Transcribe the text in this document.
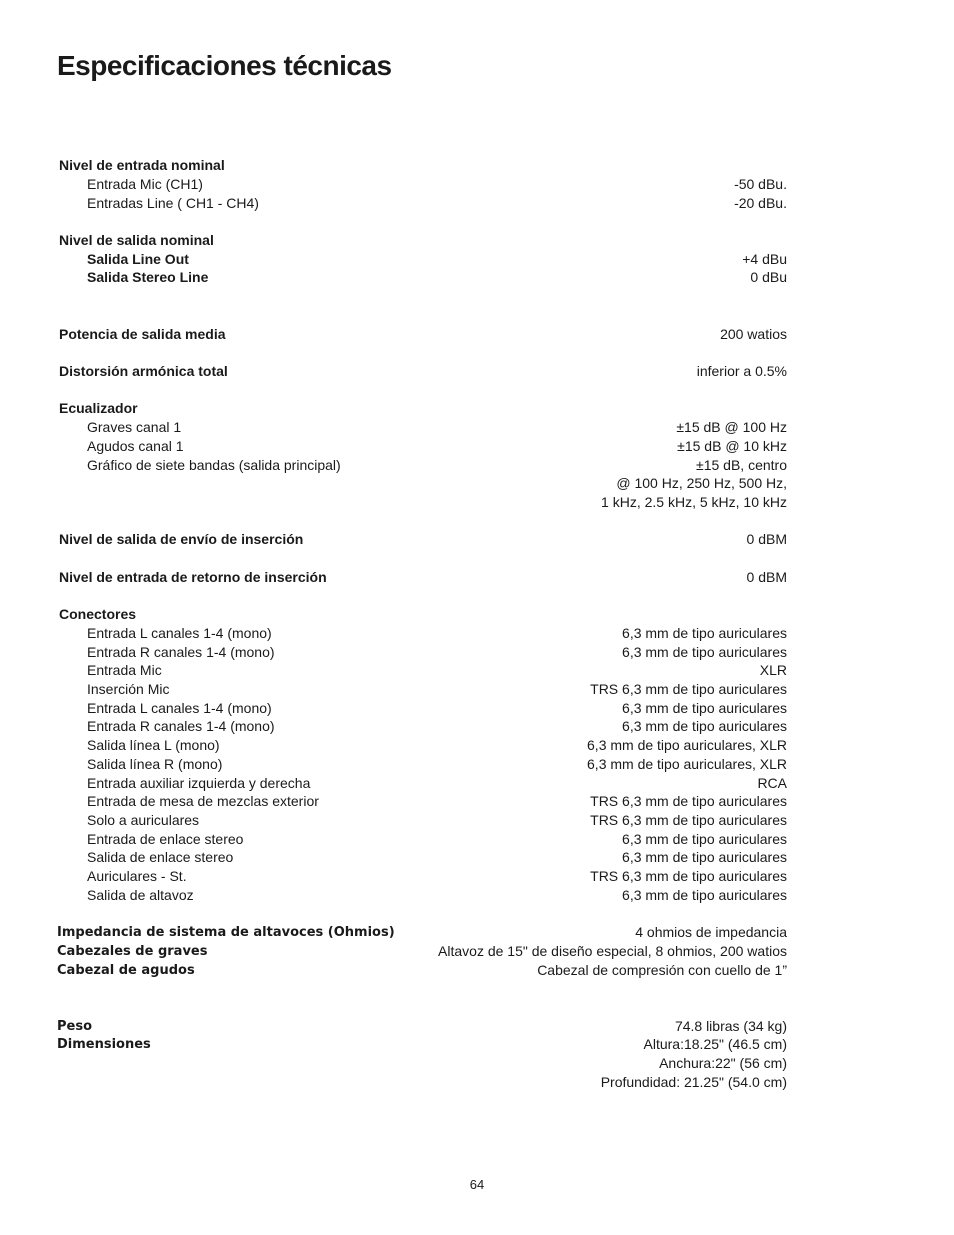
Especificaciones técnicas
Nivel de entrada nominal
Entrada Mic (CH1)	-50 dBu.
Entradas Line ( CH1 - CH4)	-20 dBu.
Nivel de salida nominal
Salida Line Out	+4 dBu
Salida Stereo Line	0 dBu
Potencia de salida media	200 watios
Distorsión armónica total	inferior a 0.5%
Ecualizador
Graves canal 1	±15 dB @ 100 Hz
Agudos canal 1	±15 dB @ 10 kHz
Gráfico de siete bandas (salida principal)	±15 dB, centro
@ 100 Hz, 250 Hz, 500 Hz,
1 kHz, 2.5 kHz, 5 kHz, 10 kHz
Nivel de salida de envío de inserción	0 dBM
Nivel de entrada de retorno de inserción	0 dBM
Conectores
Entrada L canales 1-4 (mono)	6,3 mm de tipo auriculares
Entrada R canales 1-4 (mono)	6,3 mm de tipo auriculares
Entrada Mic	XLR
Inserción Mic	TRS 6,3 mm de tipo auriculares
Entrada L canales 1-4 (mono)	6,3 mm de tipo auriculares
Entrada R canales 1-4 (mono)	6,3 mm de tipo auriculares
Salida línea L (mono)	6,3 mm de tipo auriculares, XLR
Salida línea R (mono)	6,3 mm de tipo auriculares, XLR
Entrada auxiliar izquierda y derecha	RCA
Entrada de mesa de mezclas exterior	TRS 6,3 mm de tipo auriculares
Solo a auriculares	TRS 6,3 mm de tipo auriculares
Entrada de enlace stereo	6,3 mm de tipo auriculares
Salida de enlace stereo	6,3 mm de tipo auriculares
Auriculares - St.	TRS 6,3 mm de tipo auriculares
Salida de altavoz	6,3 mm de tipo auriculares
Impedancia de sistema de altavoces (Ohmios)	4 ohmios de impedancia
Cabezales de graves	Altavoz de 15" de diseño especial, 8 ohmios, 200 watios
Cabezal de agudos	Cabezal de compresión con cuello de 1”
Peso	74.8 libras (34 kg)
Dimensiones	Altura:18.25" (46.5 cm)
Anchura:22" (56 cm)
Profundidad: 21.25" (54.0 cm)
64
